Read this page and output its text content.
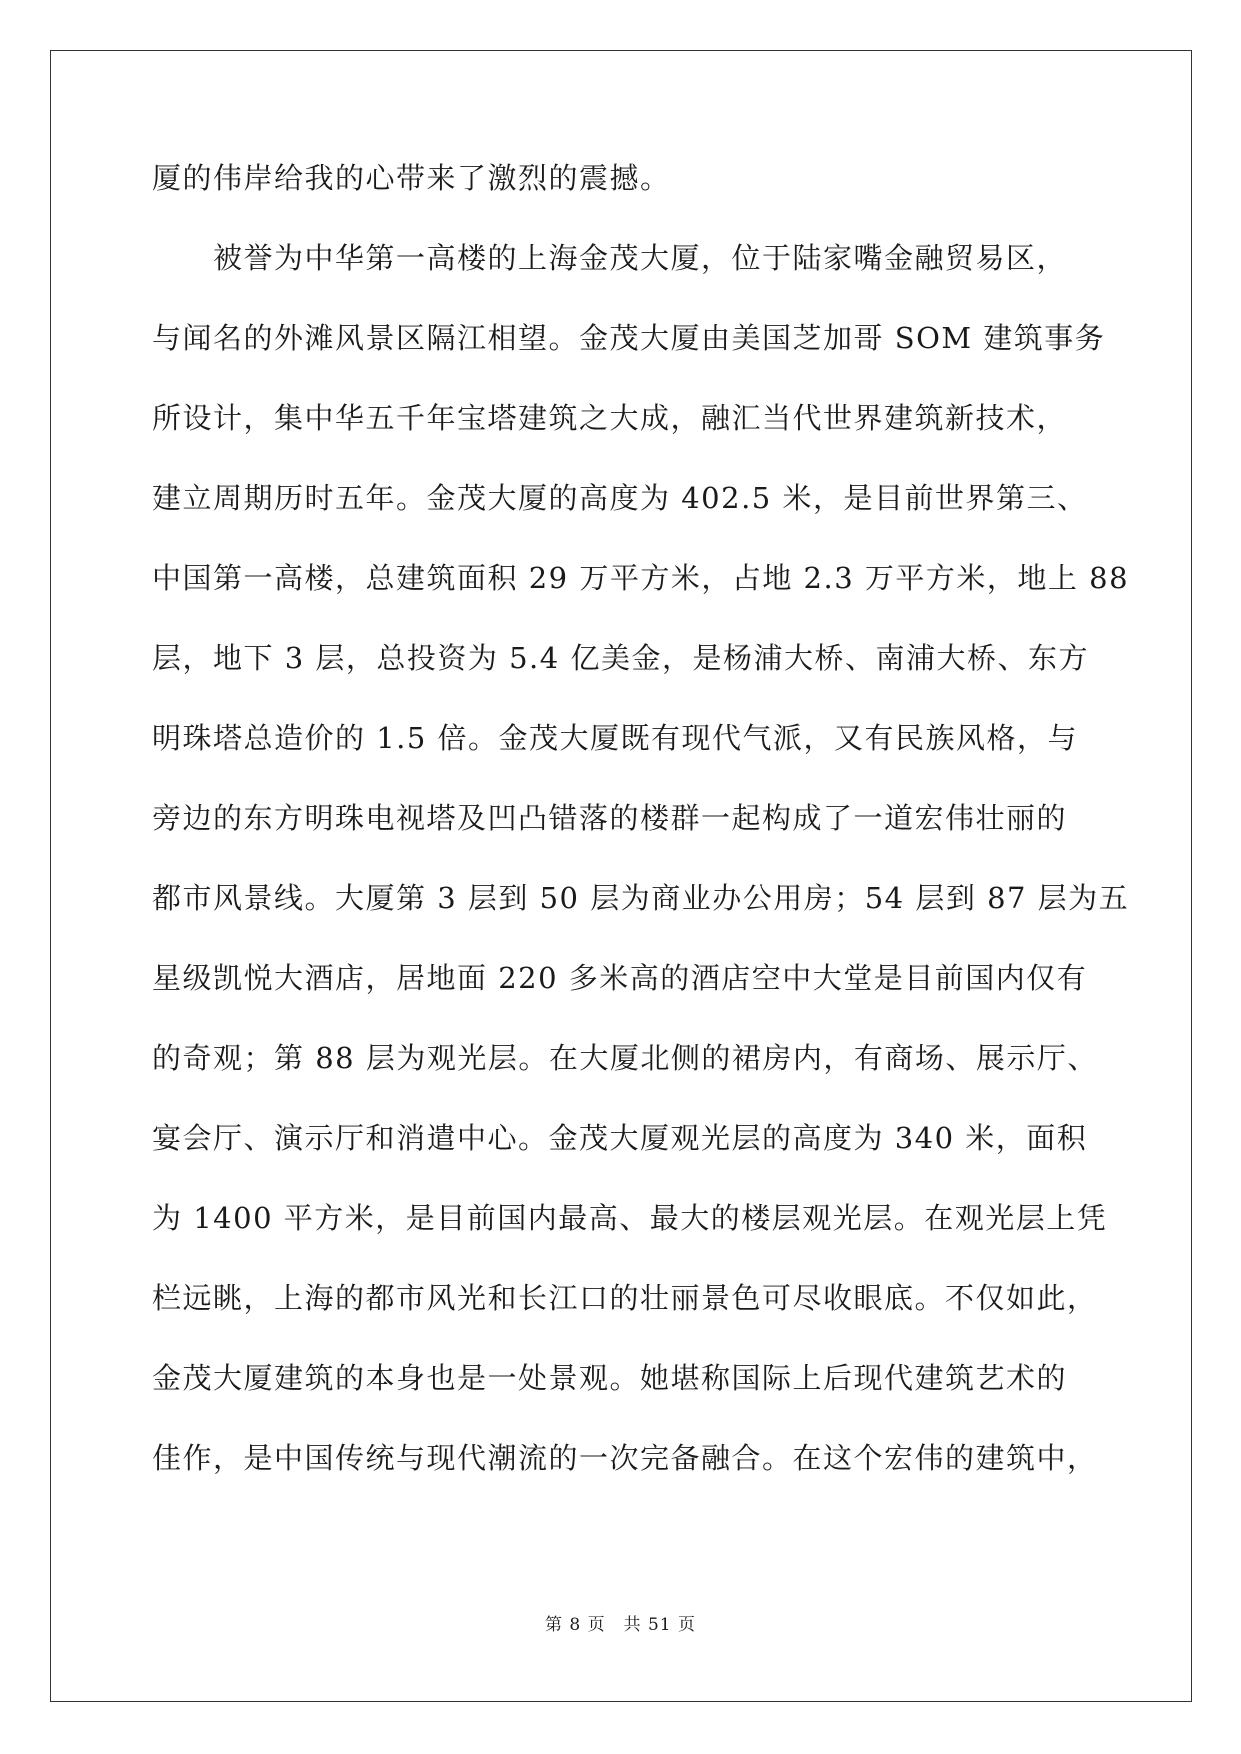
厦的伟岸给我的心带来了激烈的震撼。
　　被誉为中华第一高楼的上海金茂大厦，位于陆家嘴金融贸易区，
与闻名的外滩风景区隔江相望。金茂大厦由美国芝加哥 SOM 建筑事务
所设计，集中华五千年宝塔建筑之大成，融汇当代世界建筑新技术，
建立周期历时五年。金茂大厦的高度为 402.5 米，是目前世界第三、
中国第一高楼，总建筑面积 29 万平方米，占地 2.3 万平方米，地上 88
层，地下 3 层，总投资为 5.4 亿美金，是杨浦大桥、南浦大桥、东方
明珠塔总造价的 1.5 倍。金茂大厦既有现代气派，又有民族风格，与
旁边的东方明珠电视塔及凹凸错落的楼群一起构成了一道宏伟壮丽的
都市风景线。大厦第 3 层到 50 层为商业办公用房；54 层到 87 层为五
星级凯悦大酒店，居地面 220 多米高的酒店空中大堂是目前国内仅有
的奇观；第 88 层为观光层。在大厦北侧的裙房内，有商场、展示厅、
宴会厅、演示厅和消遣中心。金茂大厦观光层的高度为 340 米，面积
为 1400 平方米，是目前国内最高、最大的楼层观光层。在观光层上凭
栏远眺，上海的都市风光和长江口的壮丽景色可尽收眼底。不仅如此，
金茂大厦建筑的本身也是一处景观。她堪称国际上后现代建筑艺术的
佳作，是中国传统与现代潮流的一次完备融合。在这个宏伟的建筑中，
第 8 页　共 51 页
